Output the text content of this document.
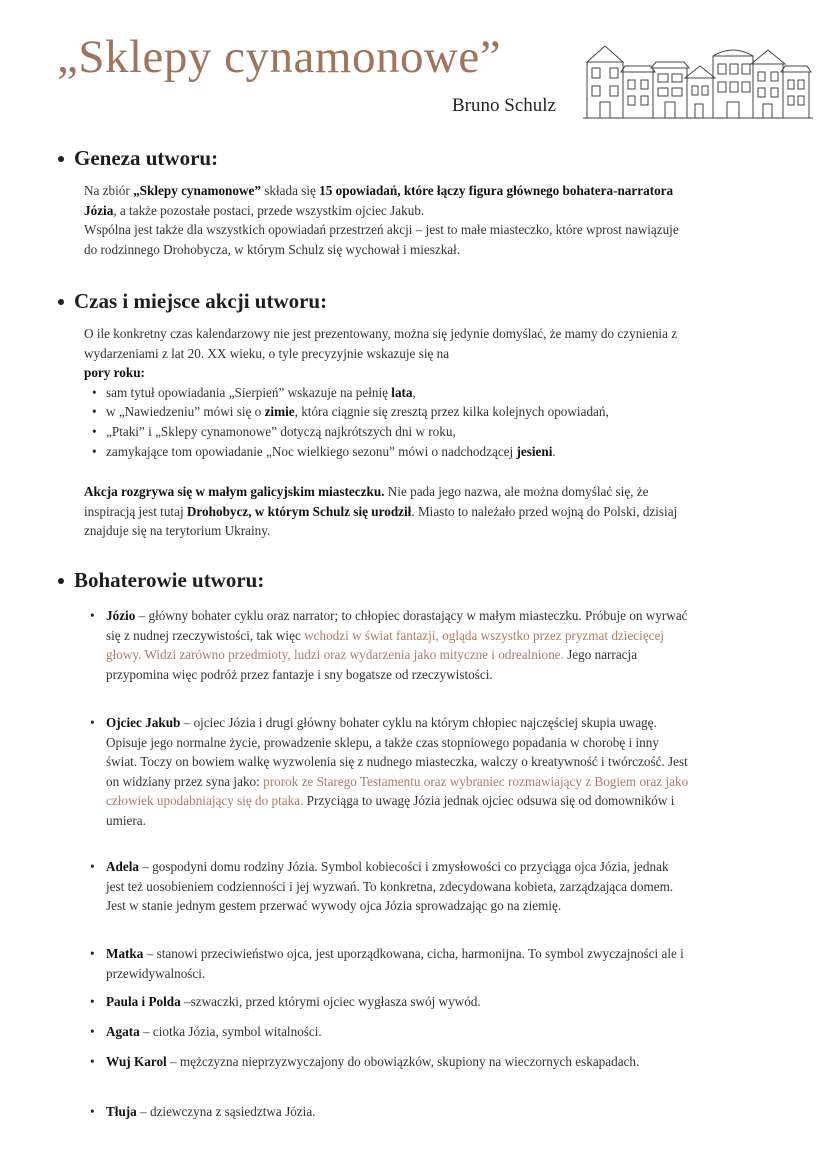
„Sklepy cynamonowe”
Bruno Schulz
Geneza utworu:

Na zbiór „Sklepy cynamonowe” składa się 15 opowiadań, które łączy figura głównego bohatera-narratora Józia, a także pozostałe postaci, przede wszystkim ojciec Jakub.

Wspólna jest także dla wszystkich opowiadań przestrzeń akcji – jest to małe miasteczko, które wprost nawiązuje do rodzinnego Drohobycza, w którym Schulz się wychował i mieszkał.

Czas i miejsce akcji utworu:

O ile konkretny czas kalendarzowy nie jest prezentowany, można się jedynie domyślać, że mamy do czynienia z wydarzeniami z lat 20. XX wieku, o tyle precyzyjnie wskazuje się na
pory roku:

• sam tytuł opowiadania „Sierpień” wskazuje na pełnię lata,
• w „Nawiedzeniu” mówi się o zimie, która ciągnie się zresztą przez kilka kolejnych opowiadań,
• „Ptaki” i „Sklepy cynamonowe” dotyczą najkrótszych dni w roku,
• zamykające tom opowiadanie „Noc wielkiego sezonu” mówi o nadchodzącej jesieni.

Akcja rozgrywa się w małym galicyjskim miasteczku. Nie pada jego nazwa, ale można domyślać się, że inspiracją jest tutaj Drohobycz, w którym Schulz się urodził. Miasto to należało przed wojną do Polski, dzisiaj znajduje się na terytorium Ukrainy.

Bohaterowie utworu:
• Józio – główny bohater cyklu oraz narrator; to chłopiec dorastający w małym miasteczku. Próbuje on wyrwać się z nudnej rzeczywistości, tak więc wchodzi w świat fantazji, ogląda wszystko przez pryzmat dziecięcej głowy. Widzi zarówno przedmioty, ludzi oraz wydarzenia jako mityczne i odrealnione. Jego narracja przypomina więc podróż przez fantazje i sny bogatsze od rzeczywistości.
• Ojciec Jakub – ojciec Józia i drugi główny bohater cyklu na którym chłopiec najczęściej skupia uwagę. Opisuje jego normalne życie, prowadzenie sklepu, a także czas stopniowego popadania w chorobę i inny świat. Toczy on bowiem walkę wyzwolenia się z nudnego miasteczka, walczy o kreatywność i twórczość. Jest on widziany przez syna jako: prorok ze Starego Testamentu oraz wybraniec rozmawiający z Bogiem oraz jako człowiek upodabniający się do ptaka. Przyciąga to uwagę Józia jednak ojciec odsuwa się od domowników i umiera.
• Adela – gospodyni domu rodziny Józia. Symbol kobiecości i zmysłowości co przyciąga ojca Józia, jednak jest też uosobieniem codzienności i jej wyzwań. To konkretna, zdecydowana kobieta, zarządzająca domem. Jest w stanie jednym gestem przerwać wywody ojca Józia sprowadzając go na ziemię.
• Matka – stanowi przeciwieństwo ojca, jest uporządkowana, cicha, harmonijna. To symbol zwyczajności ale i przewidywalności.
• Paula i Polda –szwaczki, przed którymi ojciec wygłasza swój wywód.
• Agata – ciotka Józia, symbol witalności.
• Wuj Karol – mężczyzna nieprzyzwyczajony do obowiązków, skupiony na wieczornych eskapadach.
• Tłuja – dziewczyna z sąsiedztwa Józia.
